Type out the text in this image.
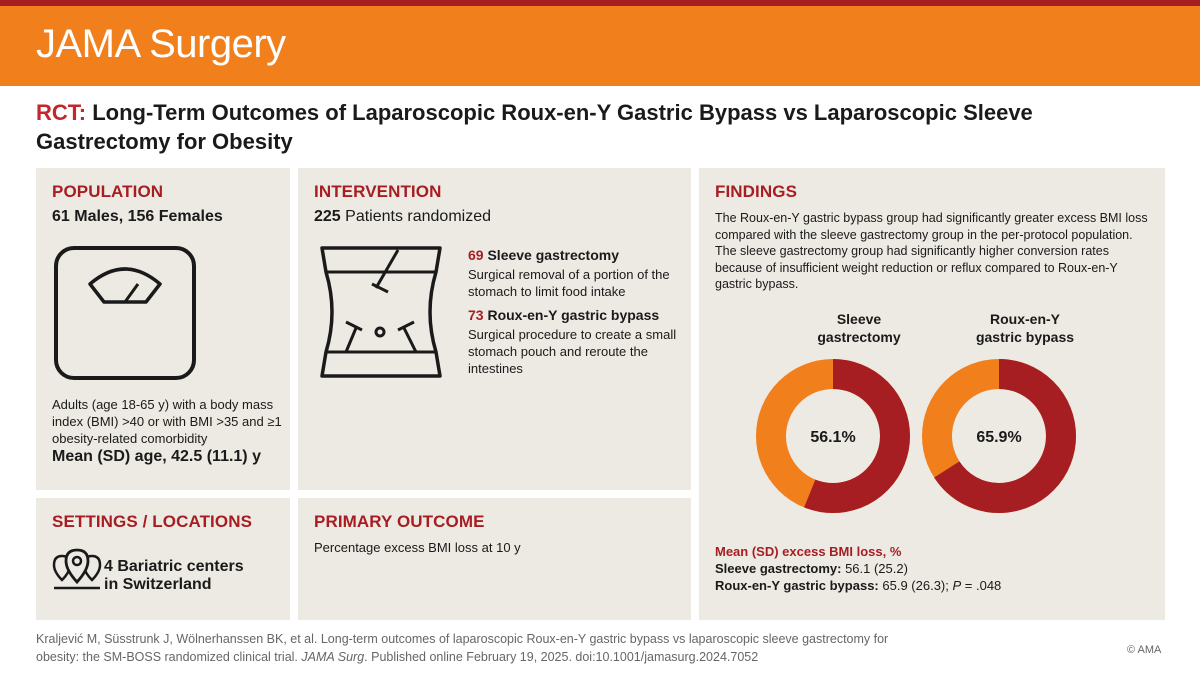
JAMA Surgery
RCT: Long-Term Outcomes of Laparoscopic Roux-en-Y Gastric Bypass vs Laparoscopic Sleeve Gastrectomy for Obesity
POPULATION
61 Males, 156 Females
Adults (age 18-65 y) with a body mass index (BMI) >40 or with BMI >35 and ≥1 obesity-related comorbidity
Mean (SD) age, 42.5 (11.1) y
INTERVENTION
225 Patients randomized
69 Sleeve gastrectomy
Surgical removal of a portion of the stomach to limit food intake
73 Roux-en-Y gastric bypass
Surgical procedure to create a small stomach pouch and reroute the intestines
SETTINGS / LOCATIONS
4 Bariatric centers
in Switzerland
PRIMARY OUTCOME
Percentage excess BMI loss at 10 y
FINDINGS
The Roux-en-Y gastric bypass group had significantly greater excess BMI loss compared with the sleeve gastrectomy group in the per-protocol population. The sleeve gastrectomy group had significantly higher conversion rates because of insufficient weight reduction or reflux compared to Roux-en-Y gastric bypass.
Sleeve
gastrectomy
Roux-en-Y
gastric bypass
56.1%	65.9%
Mean (SD) excess BMI loss, %
Sleeve gastrectomy: 56.1 (25.2)
Roux-en-Y gastric bypass: 65.9 (26.3); P = .048
Kraljević M, Süsstrunk J, Wölnerhanssen BK, et al. Long-term outcomes of laparoscopic Roux-en-Y gastric bypass vs laparoscopic sleeve gastrectomy for obesity: the SM-BOSS randomized clinical trial. JAMA Surg. Published online February 19, 2025. doi:10.1001/jamasurg.2024.7052	© AMA
